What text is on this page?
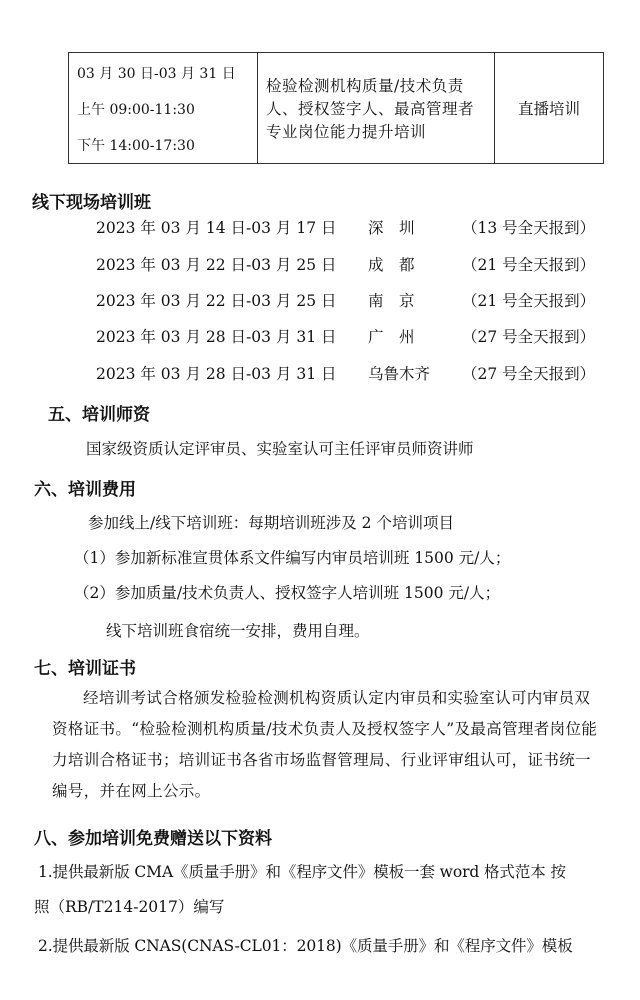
03 月 30 日-03 月 31 日
上午 09:00-11:30
下午 14:00-17:30

检验检测机构质量/技术负责人、授权签字人、最高管理者专业岗位能力提升培训

直播培训
线下现场培训班
2023 年 03 月 14 日-03 月 17 日 深　圳	（13 号全天报到）
2023 年 03 月 22 日-03 月 25 日 成　都	（21 号全天报到）
2023 年 03 月 22 日-03 月 25 日 南　京	（21 号全天报到）
2023 年 03 月 28 日-03 月 31 日 广　州	（27 号全天报到）
2023 年 03 月 28 日-03 月 31 日 乌鲁木齐 （27 号全天报到）
五、培训师资
国家级资质认定评审员、实验室认可主任评审员师资讲师
六、培训费用
参加线上/线下培训班：每期培训班涉及 2 个培训项目
（1）参加新标准宣贯体系文件编写内审员培训班 1500 元/人；
（2）参加质量/技术负责人、授权签字人培训班 1500 元/人；
线下培训班食宿统一安排，费用自理。
七、培训证书
经培训考试合格颁发检验检测机构资质认定内审员和实验室认可内审员双资格证书。“检验检测机构质量/技术负责人及授权签字人”及最高管理者岗位能力培训合格证书；培训证书各省市场监督管理局、行业评审组认可，证书统一编号，并在网上公示。
八、参加培训免费赠送以下资料
1.提供最新版 CMA《质量手册》和《程序文件》模板一套 word 格式范本 按
照（RB/T214-2017）编写
2.提供最新版 CNAS(CNAS-CL01：2018)《质量手册》和《程序文件》模板
